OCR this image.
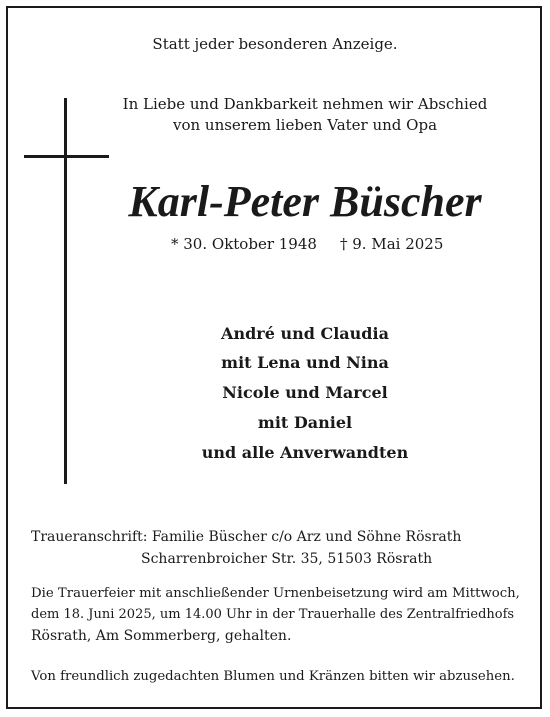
Statt jeder besonderen Anzeige.
In Liebe und Dankbarkeit nehmen wir Abschied
von unserem lieben Vater und Opa
Karl-Peter Büscher
* 30. Oktober 1948 † 9. Mai 2025
André und Claudia
mit Lena und Nina
Nicole und Marcel
mit Daniel
und alle Anverwandten
Traueranschrift: Familie Büscher c/o Arz und Söhne Rösrath
Scharrenbroicher Str. 35, 51503 Rösrath
Die Trauerfeier mit anschließender Urnenbeisetzung wird am Mittwoch,
dem 18. Juni 2025, um 14.00 Uhr in der Trauerhalle des Zentralfriedhofs
Rösrath, Am Sommerberg, gehalten.
Von freundlich zugedachten Blumen und Kränzen bitten wir abzusehen.
